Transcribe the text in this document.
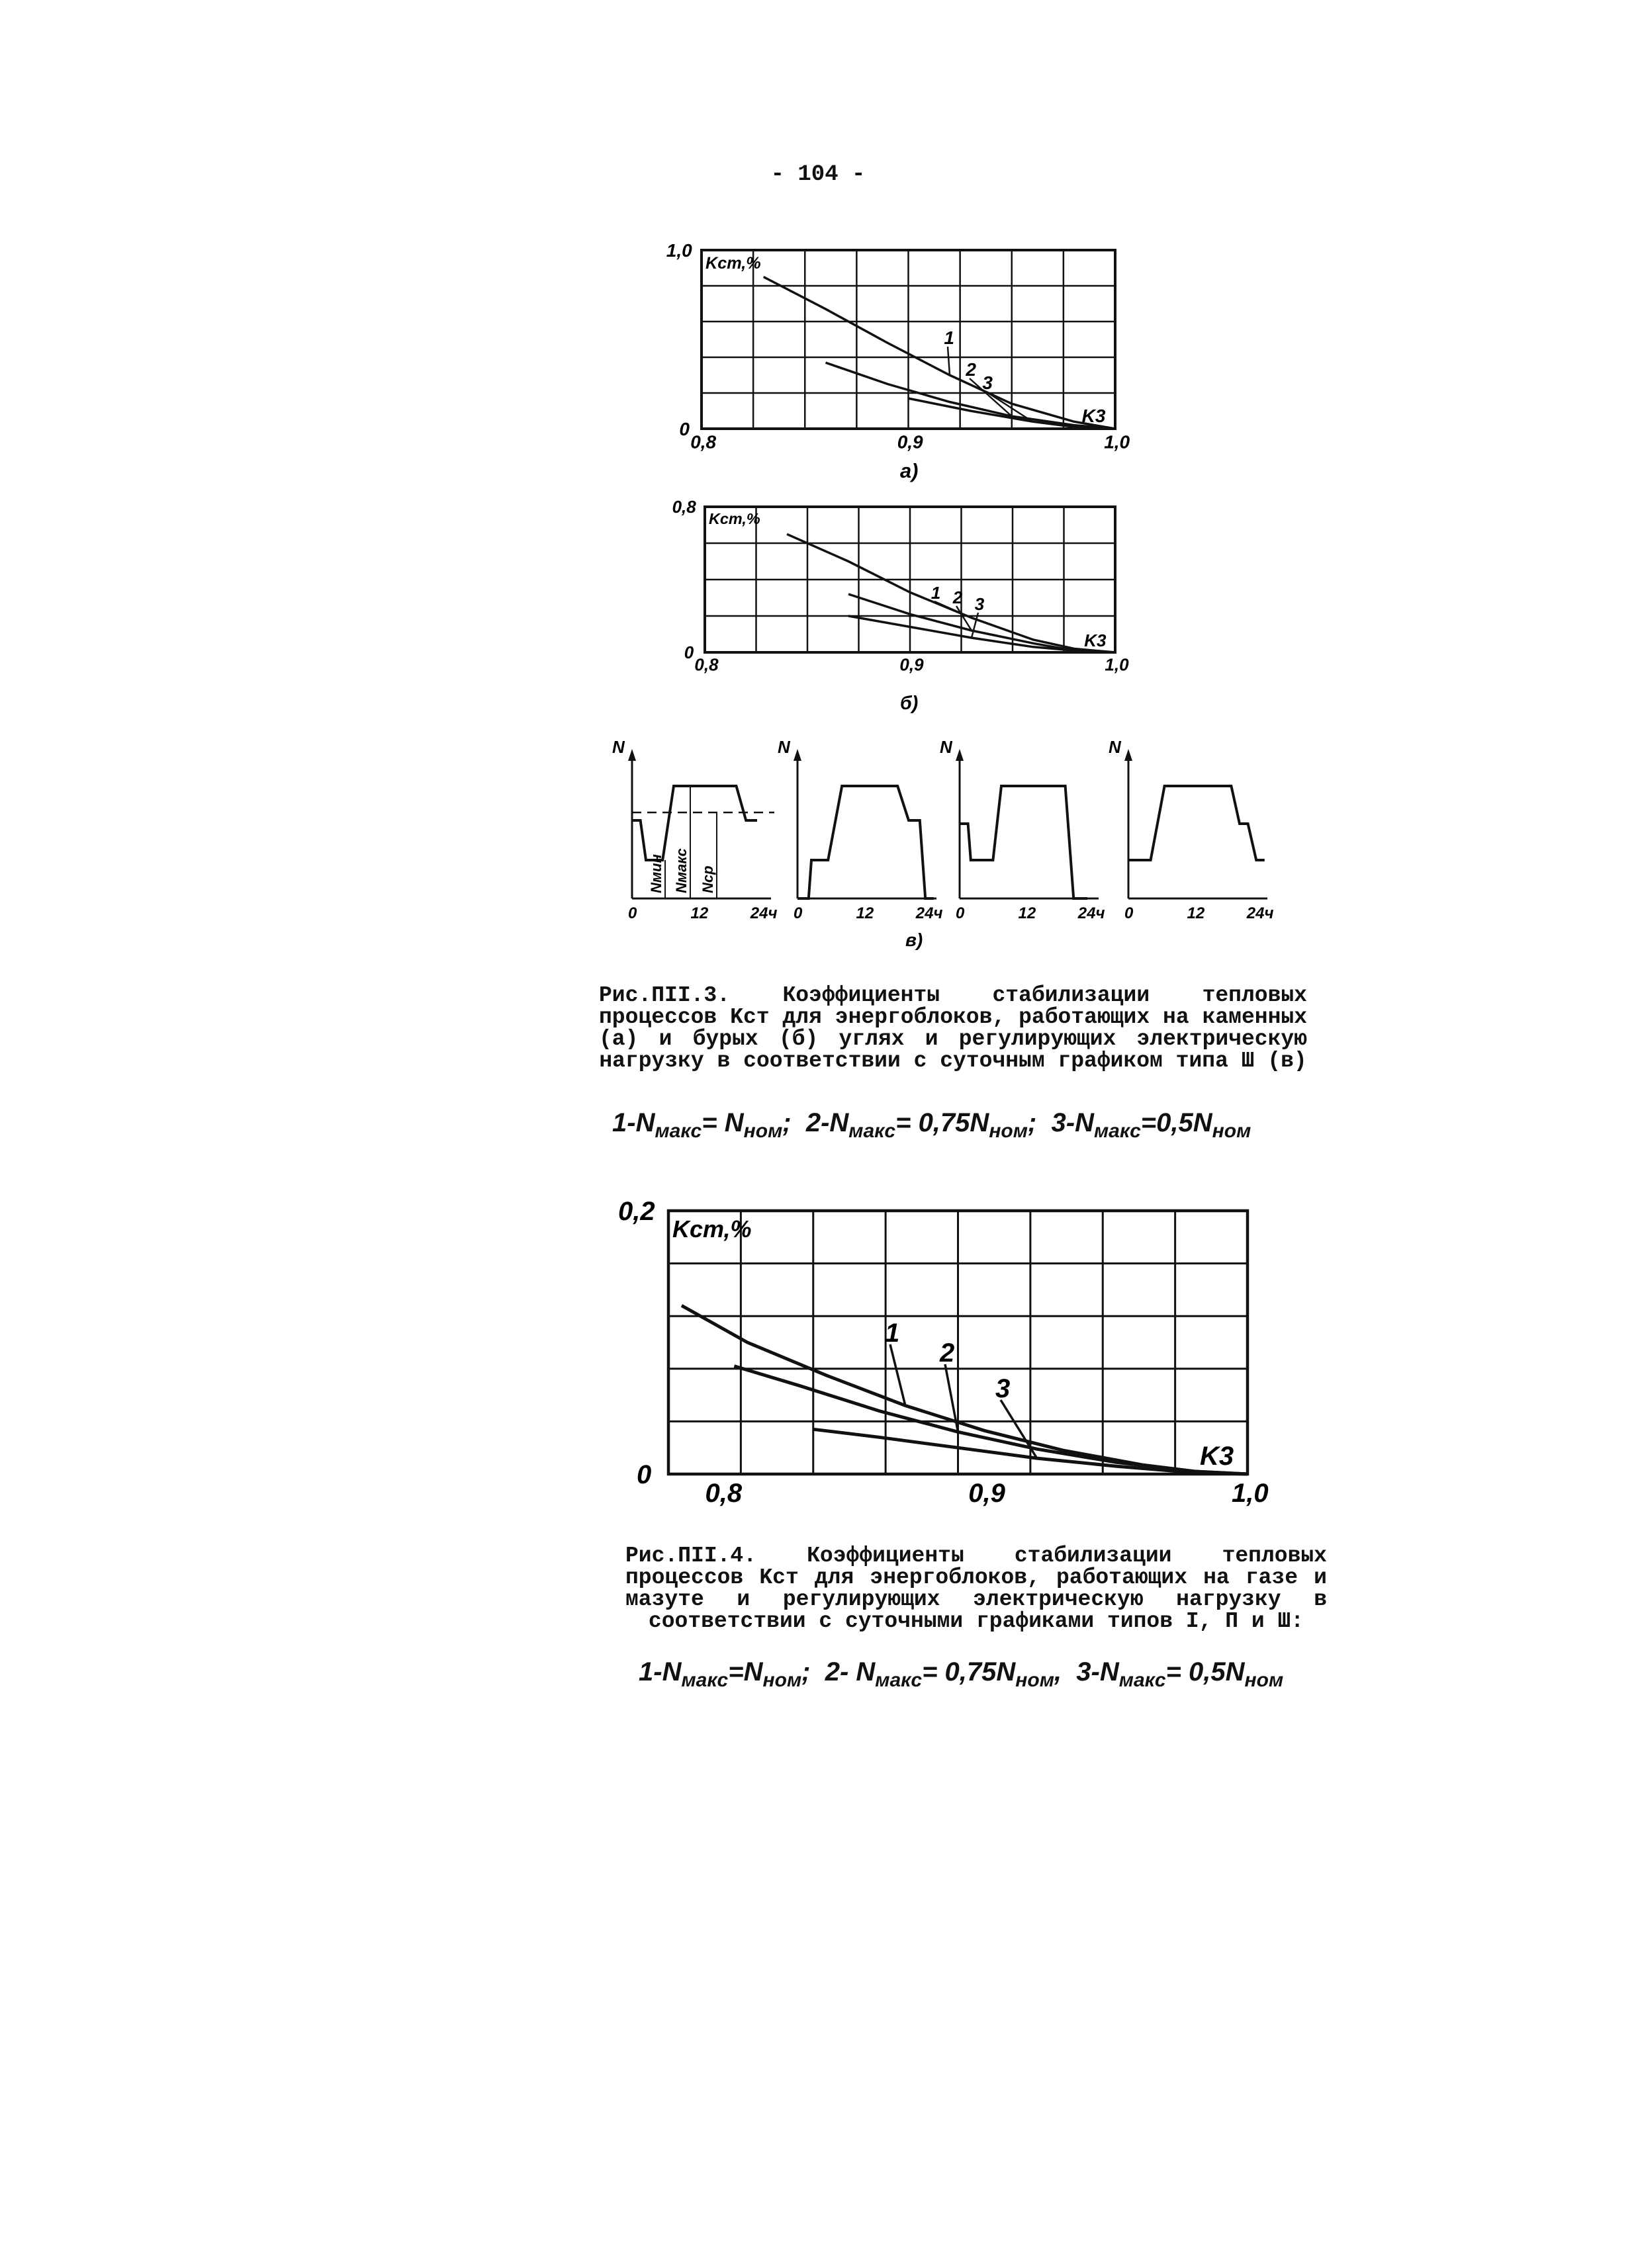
- 104 -
1
2
3
0,8	0,9	1,0
0
1,0
Kст,%
K3
а)
1 2 3
0,8	0,9	1,0
0
0,8
Kст,%
K3
б)
N
0	12	24ч
N
0	12	24ч
N
0	12	24ч
N
0	12	24ч
Nмин Nмакс Nср
в)
1
2
3
0,8	0,9	1,0
0
0,2
Kст,%
K3
Рис.ПII.3. Коэффициенты стабилизации тепловых процессов Kст для энергоблоков, работающих на каменных (а) и бурых (б) углях и регулирующих электрическую нагрузку в соответствии с суточным графиком типа Ш (в)
$1-N_{макс}= N_{ном}$; $2-N_{макс}= 0,75N_{ном}$; $3-N_{макс}=0,5N_{ном}$
Рис.ПII.4. Коэффициенты стабилизации тепловых процессов Kст для энергоблоков, работающих на газе и мазуте и регулирующих электрическую нагрузку в соответствии с суточными графиками типов I, П и Ш:
$1-N_{макс}=N_{ном}$; 2- $N_{макс}= 0,75N_{ном}$, $3-N_{макс}= 0,5N_{ном}$
